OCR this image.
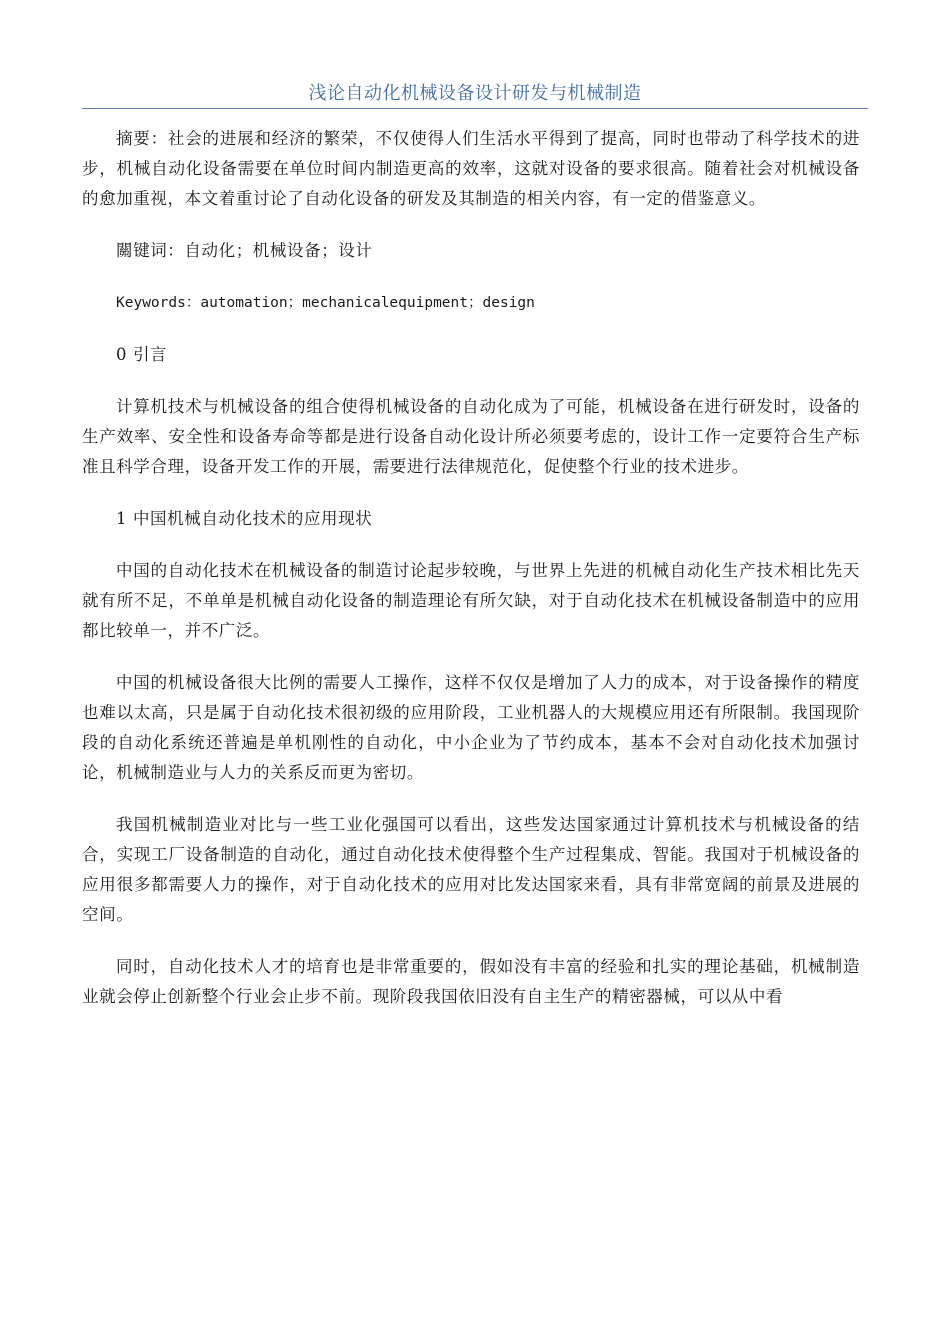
浅论自动化机械设备设计研发与机械制造

摘要：社会的进展和经济的繁荣，不仅使得人们生活水平得到了提高，同时也带动了科学技术的进步，机械自动化设备需要在单位时间内制造更高的效率，这就对设备的要求很高。随着社会对机械设备的愈加重视，本文着重讨论了自动化设备的研发及其制造的相关内容，有一定的借鉴意义。

關键词：自动化；机械设备；设计

Keywords：automation；mechanicalequipment；design

0 引言

计算机技术与机械设备的组合使得机械设备的自动化成为了可能，机械设备在进行研发时，设备的生产效率、安全性和设备寿命等都是进行设备自动化设计所必须要考虑的，设计工作一定要符合生产标准且科学合理，设备开发工作的开展，需要进行法律规范化，促使整个行业的技术进步。

1 中国机械自动化技术的应用现状

中国的自动化技术在机械设备的制造讨论起步较晚，与世界上先进的机械自动化生产技术相比先天就有所不足，不单单是机械自动化设备的制造理论有所欠缺，对于自动化技术在机械设备制造中的应用都比较单一，并不广泛。

中国的机械设备很大比例的需要人工操作，这样不仅仅是增加了人力的成本，对于设备操作的精度也难以太高，只是属于自动化技术很初级的应用阶段，工业机器人的大规模应用还有所限制。我国现阶段的自动化系统还普遍是单机刚性的自动化，中小企业为了节约成本，基本不会对自动化技术加强讨论，机械制造业与人力的关系反而更为密切。

我国机械制造业对比与一些工业化强国可以看出，这些发达国家通过计算机技术与机械设备的结合，实现工厂设备制造的自动化，通过自动化技术使得整个生产过程集成、智能。我国对于机械设备的应用很多都需要人力的操作，对于自动化技术的应用对比发达国家来看，具有非常宽阔的前景及进展的空间。

同时，自动化技术人才的培育也是非常重要的，假如没有丰富的经验和扎实的理论基础，机械制造业就会停止创新整个行业会止步不前。现阶段我国依旧没有自主生产的精密器械，可以从中看
